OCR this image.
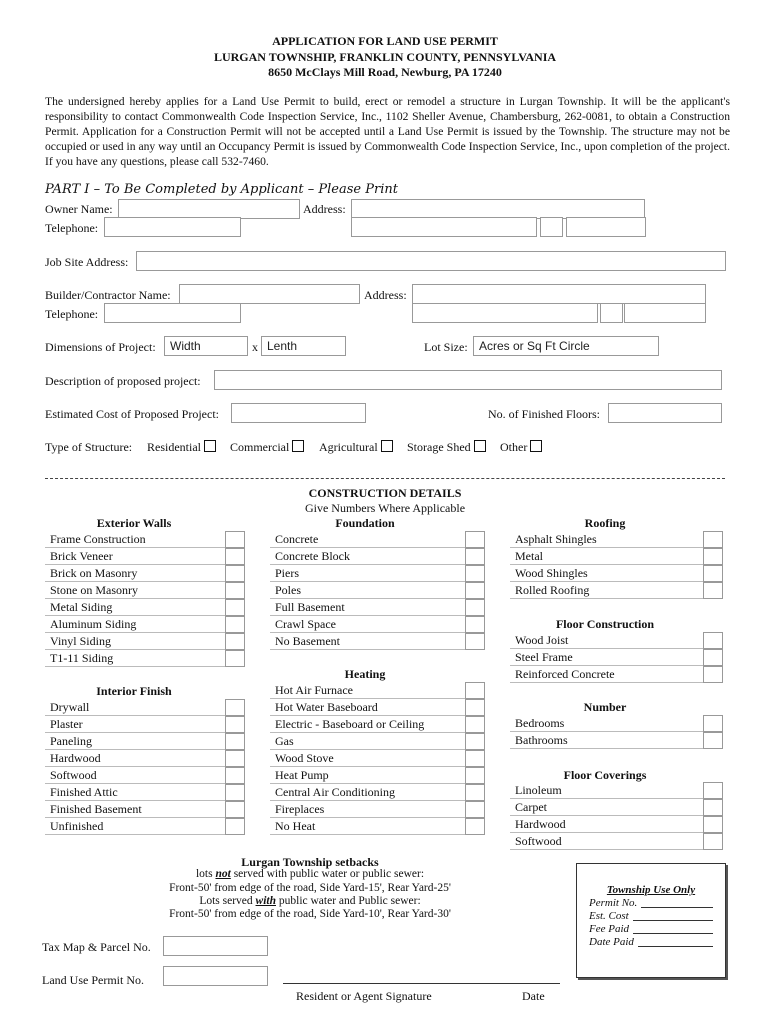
APPLICATION FOR LAND USE PERMIT
LURGAN TOWNSHIP, FRANKLIN COUNTY, PENNSYLVANIA
8650 McClays Mill Road, Newburg, PA 17240
The undersigned hereby applies for a Land Use Permit to build, erect or remodel a structure in Lurgan Township. It will be the applicant's responsibility to contact Commonwealth Code Inspection Service, Inc., 1102 Sheller Avenue, Chambersburg, 262-0081, to obtain a Construction Permit. Application for a Construction Permit will not be accepted until a Land Use Permit is issued by the Township. The structure may not be occupied or used in any way until an Occupancy Permit is issued by Commonwealth Code Inspection Service, Inc., upon completion of the project. If you have any questions, please call 532-7460.
PART I – To Be Completed by Applicant – Please Print
Owner Name:	Address:
Telephone:
Job Site Address:
Builder/Contractor Name:	Address:
Telephone:
Dimensions of Project:	Width	x Lenth	Lot Size: Acres or Sq Ft Circle
Description of proposed project:
Estimated Cost of Proposed Project:	No. of Finished Floors:
Type of Structure: Residential	Commercial	Agricultural	Storage Shed	Other
CONSTRUCTION DETAILS
Give Numbers Where Applicable
Exterior Walls	Foundation	Roofing
Heating
Interior Finish
Floor Construction
Number
Floor Coverings
Frame Construction
Brick Veneer
Brick on Masonry
Stone on Masonry
Metal Siding
Aluminum Siding
Vinyl Siding
T1-11 Siding
Drywall
Plaster
Paneling
Hardwood
Softwood
Finished Attic
Finished Basement
Unfinished
Concrete
Concrete Block
Piers
Poles
Full Basement
Crawl Space
No Basement
Hot Air Furnace
Hot Water Baseboard
Electric - Baseboard or Ceiling
Gas
Wood Stove
Heat Pump
Central Air Conditioning
Fireplaces
No Heat
Asphalt Shingles
Metal
Wood Shingles
Rolled Roofing
Wood Joist
Steel Frame
Reinforced Concrete
Bedrooms
Bathrooms
Linoleum
Carpet
Hardwood
Softwood
Lurgan Township setbacks
lots not served with public water or public sewer:
Front-50' from edge of the road, Side Yard-15', Rear Yard-25'
Lots served with public water and Public sewer:
Front-50' from edge of the road, Side Yard-10', Rear Yard-30'
Tax Map & Parcel No.
Land Use Permit No.
Resident or Agent Signature	Date
Township Use Only
Permit No.
Est. Cost
Fee Paid
Date Paid
